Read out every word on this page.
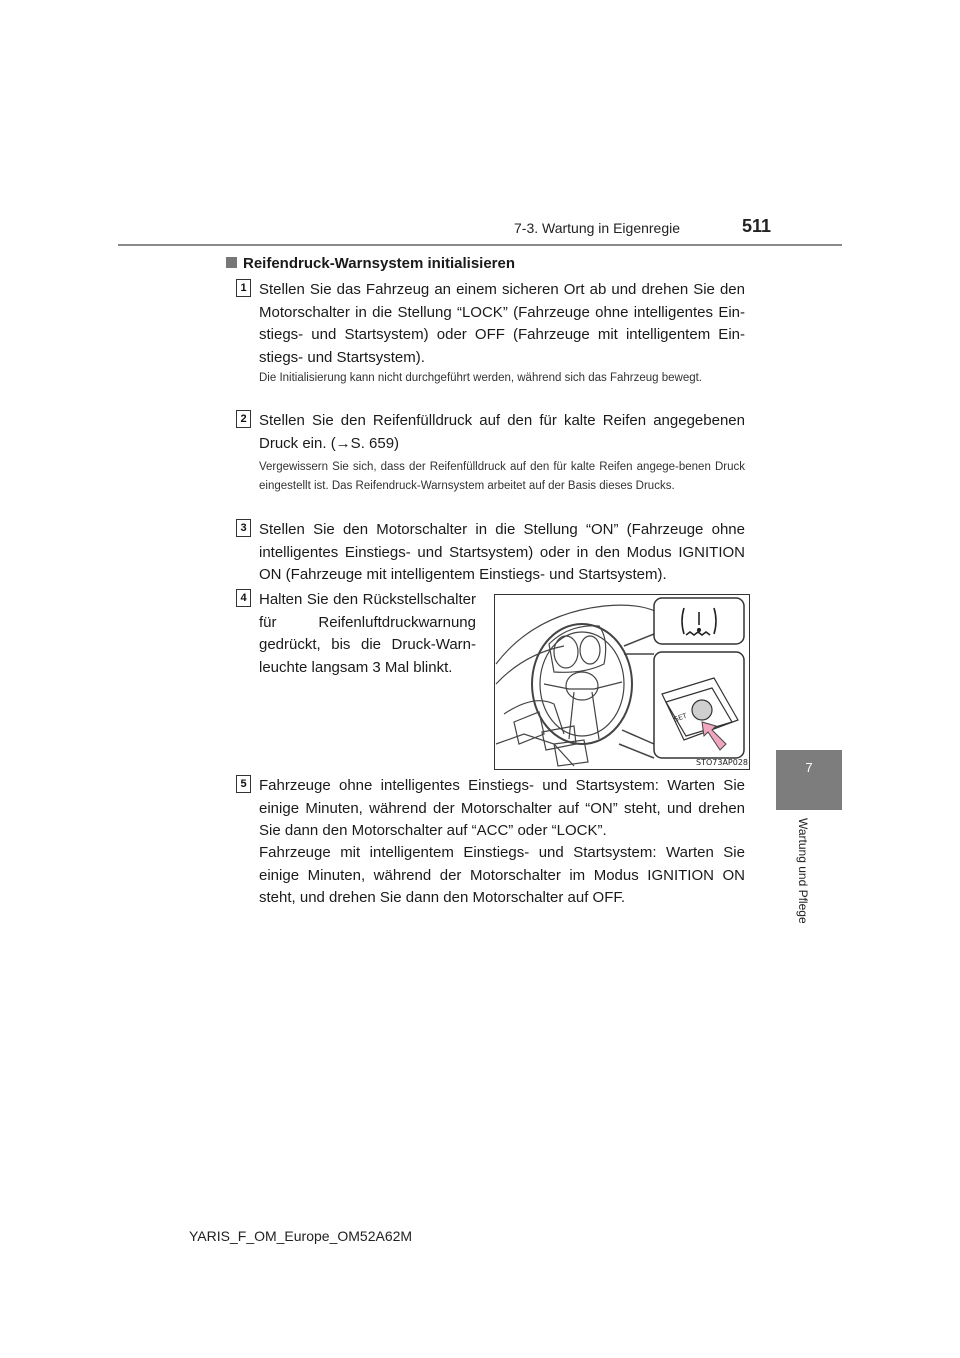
7-3. Wartung in Eigenregie	511
7
Wartung und Pflege
Reifendruck-Warnsystem initialisieren
1 Stellen Sie das Fahrzeug an einem sicheren Ort ab und drehen Sie den Motorschalter in die Stellung “LOCK” (Fahrzeuge ohne intelligentes Ein-stiegs- und Startsystem) oder OFF (Fahrzeuge mit intelligentem Ein-stiegs- und Startsystem).

Die Initialisierung kann nicht durchgeführt werden, während sich das Fahrzeug bewegt.

2 Stellen Sie den Reifenfülldruck auf den für kalte Reifen angegebenen Druck ein. (→S. 659)

Vergewissern Sie sich, dass der Reifenfülldruck auf den für kalte Reifen angege-benen Druck eingestellt ist. Das Reifendruck-Warnsystem arbeitet auf der Basis dieses Drucks.

3 Stellen Sie den Motorschalter in die Stellung “ON” (Fahrzeuge ohne intelligentes Einstiegs- und Startsystem) oder in den Modus IGNITION ON (Fahrzeuge mit intelligentem Einstiegs- und Startsystem).

4 Halten Sie den Rückstellschalter für Reifenluftdruckwarnung gedrückt, bis die Druck-Warn-leuchte langsam 3 Mal blinkt.

SET
STO73AP028
5 Fahrzeuge ohne intelligentes Einstiegs- und Startsystem: Warten Sie einige Minuten, während der Motorschalter auf “ON” steht, und drehen Sie dann den Motorschalter auf “ACC” oder “LOCK”.

Fahrzeuge mit intelligentem Einstiegs- und Startsystem: Warten Sie einige Minuten, während der Motorschalter im Modus IGNITION ON steht, und drehen Sie dann den Motorschalter auf OFF.

YARIS_F_OM_Europe_OM52A62M
